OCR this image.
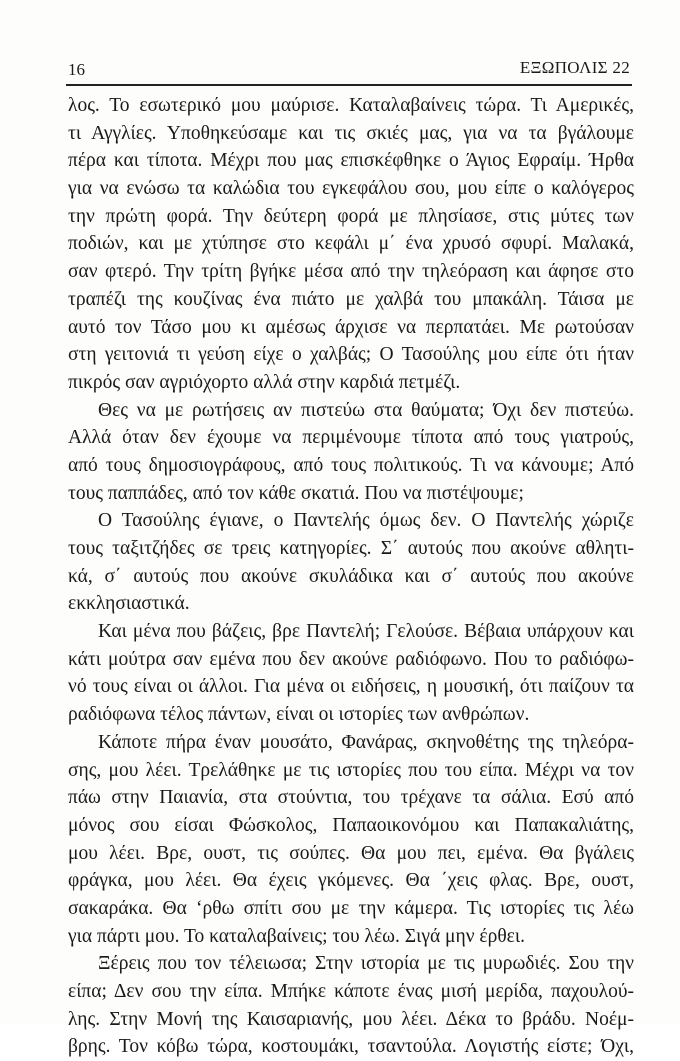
16	ΕΞΩΠΟΛΙΣ 22
λος. Το εσωτερικό μου μαύρισε. Καταλαβαίνεις τώρα. Τι Αμερικές,
τι Αγγλίες. Υποθηκεύσαμε και τις σκιές μας, για να τα βγάλουμε
πέρα και τίποτα. Μέχρι που μας επισκέφθηκε ο Άγιος Εφραίμ. Ήρθα
για να ενώσω τα καλώδια του εγκεφάλου σου, μου είπε ο καλόγερος
την πρώτη φορά. Την δεύτερη φορά με πλησίασε, στις μύτες των
ποδιών, και με χτύπησε στο κεφάλι μ΄ ένα χρυσό σφυρί. Μαλακά,
σαν φτερό. Την τρίτη βγήκε μέσα από την τηλεόραση και άφησε στο
τραπέζι της κουζίνας ένα πιάτο με χαλβά του μπακάλη. Τάισα με
αυτό τον Τάσο μου κι αμέσως άρχισε να περπατάει. Με ρωτούσαν
στη γειτονιά τι γεύση είχε ο χαλβάς; Ο Τασούλης μου είπε ότι ήταν
πικρός σαν αγριόχορτο αλλά στην καρδιά πετμέζι.
Θες να με ρωτήσεις αν πιστεύω στα θαύματα; Όχι δεν πιστεύω.
Αλλά όταν δεν έχουμε να περιμένουμε τίποτα από τους γιατρούς,
από τους δημοσιογράφους, από τους πολιτικούς. Τι να κάνουμε; Από
τους παππάδες, από τον κάθε σκατιά. Που να πιστέψουμε;
Ο Τασούλης έγιανε, ο Παντελής όμως δεν. Ο Παντελής χώριζε
τους ταξιτζήδες σε τρεις κατηγορίες. Σ΄ αυτούς που ακούνε αθλητι-
κά, σ΄ αυτούς που ακούνε σκυλάδικα και σ΄ αυτούς που ακούνε
εκκλησιαστικά.
Και μένα που βάζεις, βρε Παντελή; Γελούσε. Βέβαια υπάρχουν και
κάτι μούτρα σαν εμένα που δεν ακούνε ραδιόφωνο. Που το ραδιόφω-
νό τους είναι οι άλλοι. Για μένα οι ειδήσεις, η μουσική, ότι παίζουν τα
ραδιόφωνα τέλος πάντων, είναι οι ιστορίες των ανθρώπων.
Κάποτε πήρα έναν μουσάτο, Φανάρας, σκηνοθέτης της τηλεόρα-
σης, μου λέει. Τρελάθηκε με τις ιστορίες που του είπα. Μέχρι να τον
πάω στην Παιανία, στα στούντια, του τρέχανε τα σάλια. Εσύ από
μόνος σου είσαι Φώσκολος, Παπαοικονόμου και Παπακαλιάτης,
μου λέει. Βρε, ουστ, τις σούπες. Θα μου πει, εμένα. Θα βγάλεις
φράγκα, μου λέει. Θα έχεις γκόμενες. Θα ΄χεις φλας. Βρε, ουστ,
σακαράκα. Θα ‘ρθω σπίτι σου με την κάμερα. Τις ιστορίες τις λέω
για πάρτι μου. Το καταλαβαίνεις; του λέω. Σιγά μην έρθει.
Ξέρεις που τον τέλειωσα; Στην ιστορία με τις μυρωδιές. Σου την
είπα; Δεν σου την είπα. Μπήκε κάποτε ένας μισή μερίδα, παχουλού-
λης. Στην Μονή της Καισαριανής, μου λέει. Δέκα το βράδυ. Νοέμ-
βρης. Τον κόβω τώρα, κοστουμάκι, τσαντούλα. Λογιστής είστε; Όχι,
